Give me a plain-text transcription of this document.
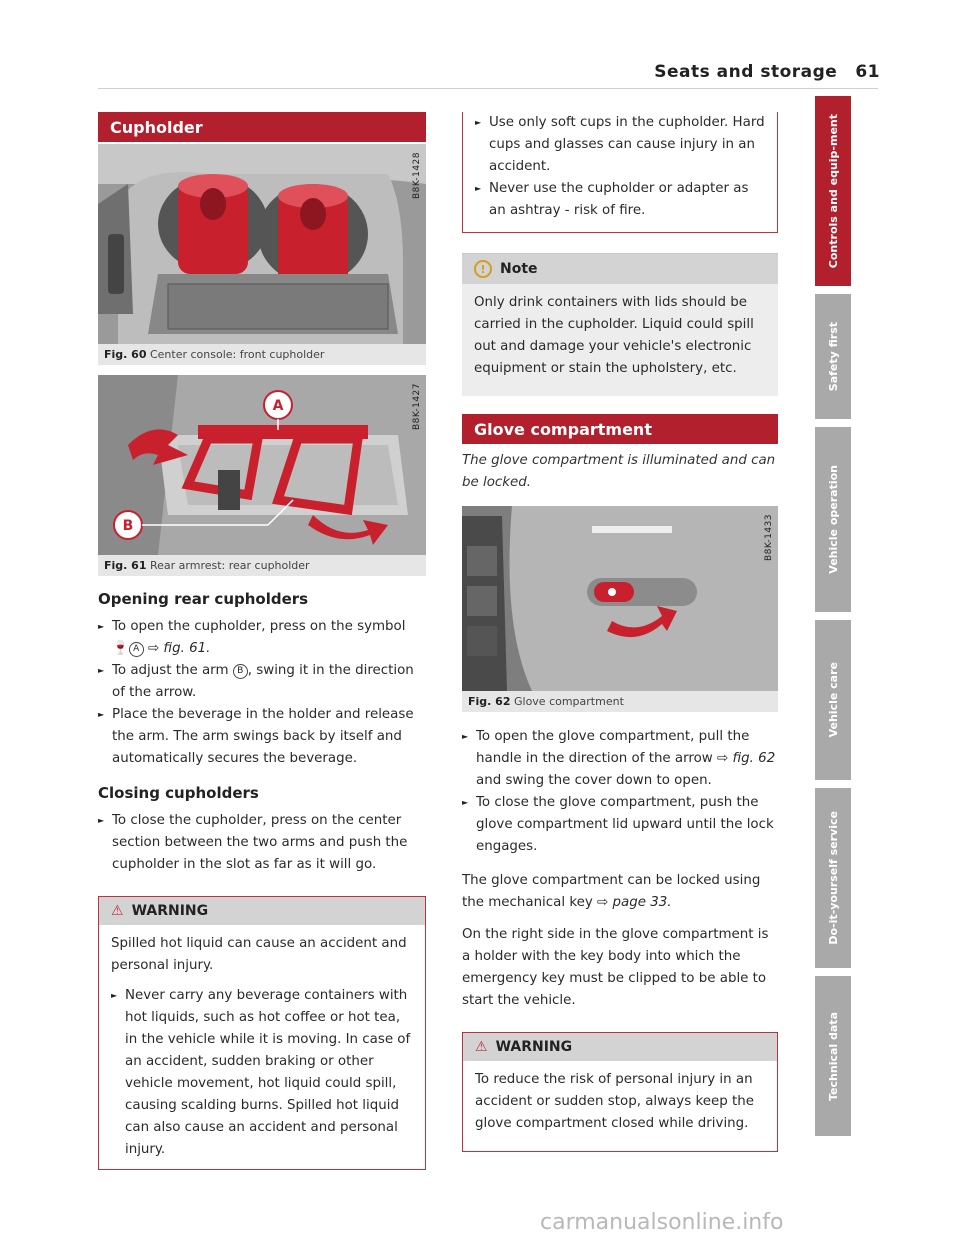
Seats and storage 61
Cupholder
B8K-1428
Fig. 60 Center console: front cupholder
A
B
B8K-1427
Fig. 61 Rear armrest: rear cupholder
Opening rear cupholders
► To open the cupholder, press on the symbol 🍷 A ⇨ fig. 61.
► To adjust the arm B , swing it in the direction of the arrow.
► Place the beverage in the holder and release the arm. The arm swings back by itself and automatically secures the beverage.
Closing cupholders
► To close the cupholder, press on the center section between the two arms and push the cupholder in the slot as far as it will go.
⚠ WARNING

Spilled hot liquid can cause an accident and personal injury.

► Never carry any beverage containers with hot liquids, such as hot coffee or hot tea, in the vehicle while it is moving. In case of an accident, sudden braking or other vehicle movement, hot liquid could spill, causing scalding burns. Spilled hot liquid can also cause an accident and personal injury.
► Use only soft cups in the cupholder. Hard cups and glasses can cause injury in an accident.
► Never use the cupholder or adapter as an ashtray - risk of fire.
!	Note

Only drink containers with lids should be carried in the cupholder. Liquid could spill out and damage your vehicle's electronic equipment or stain the upholstery, etc.

Glove compartment

The glove compartment is illuminated and can be locked.

B8K-1433
Fig. 62 Glove compartment
► To open the glove compartment, pull the handle in the direction of the arrow ⇨ fig. 62 and swing the cover down to open.
► To close the glove compartment, push the glove compartment lid upward until the lock engages.

The glove compartment can be locked using the mechanical key ⇨ page 33.

On the right side in the glove compartment is a holder with the key body into which the emergency key must be clipped to be able to start the vehicle.

⚠ WARNING

To reduce the risk of personal injury in an accident or sudden stop, always keep the glove compartment closed while driving.

Controls and equip-ment
Safety first
Vehicle operation
Vehicle care
Do-it-yourself service
Technical data
carmanualsonline.info
